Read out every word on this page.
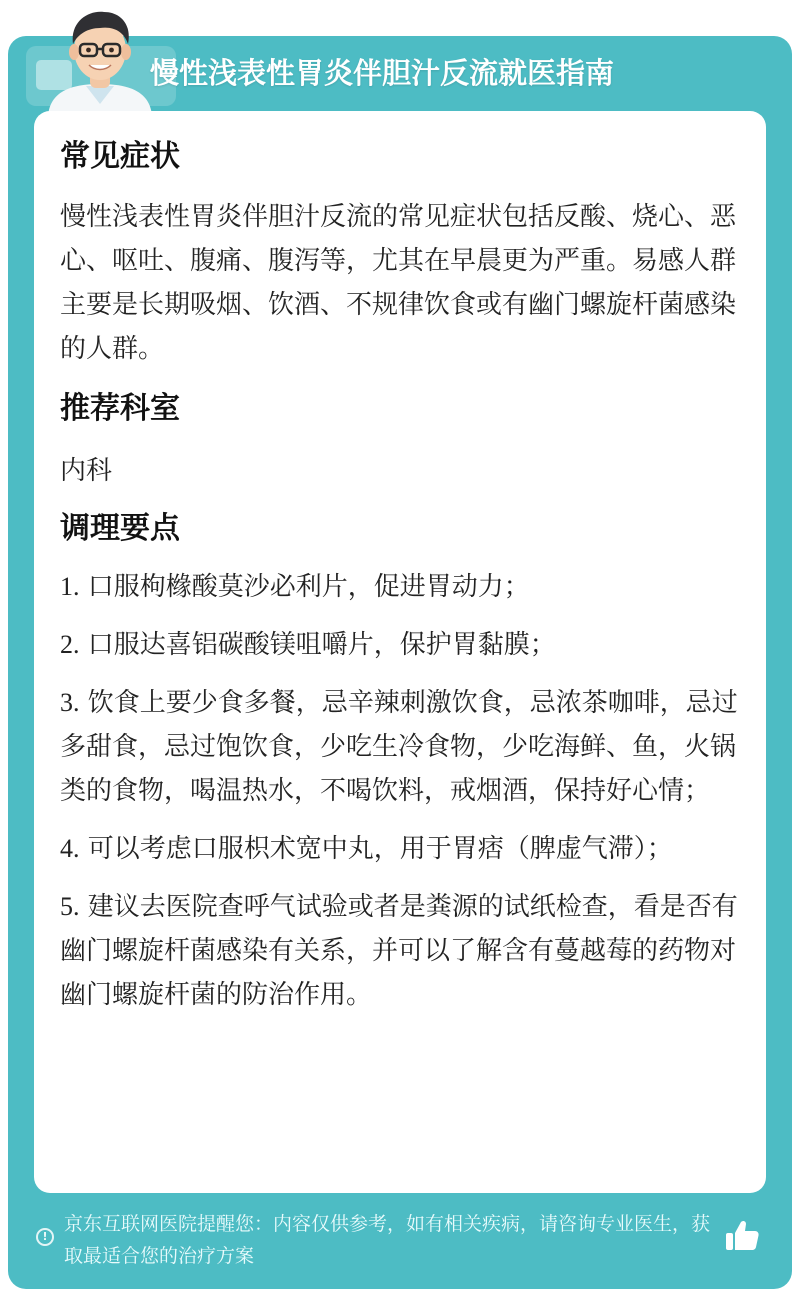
慢性浅表性胃炎伴胆汁反流就医指南
常见症状

慢性浅表性胃炎伴胆汁反流的常见症状包括反酸、烧心、恶心、呕吐、腹痛、腹泻等，尤其在早晨更为严重。易感人群主要是长期吸烟、饮酒、不规律饮食或有幽门螺旋杆菌感染的人群。

推荐科室

内科

调理要点
1. 口服枸橼酸莫沙必利片，促进胃动力；
2. 口服达喜铝碳酸镁咀嚼片，保护胃黏膜；
3. 饮食上要少食多餐，忌辛辣刺激饮食，忌浓茶咖啡，忌过多甜食，忌过饱饮食，少吃生冷食物，少吃海鲜、鱼，火锅类的食物，喝温热水，不喝饮料，戒烟酒，保持好心情；
4. 可以考虑口服枳术宽中丸，用于胃痞（脾虚气滞）；
5. 建议去医院查呼气试验或者是粪源的试纸检查，看是否有幽门螺旋杆菌感染有关系，并可以了解含有蔓越莓的药物对幽门螺旋杆菌的防治作用。
!
京东互联网医院提醒您：内容仅供参考，如有相关疾病，请咨询专业医生，获取最适合您的治疗方案
